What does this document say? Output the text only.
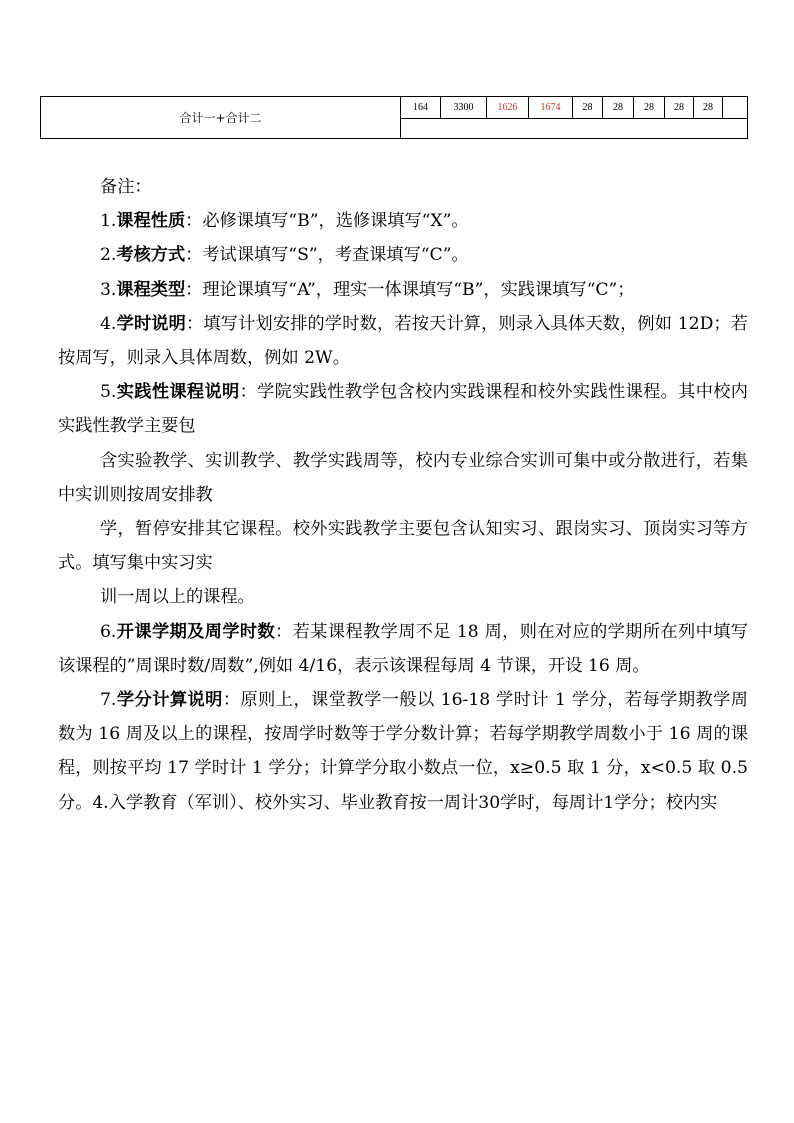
合计一+合计二
164	3300	1626	1674	28	28	28	28	28

备注：

1.课程性质：必修课填写“B”，选修课填写“X”。

2.考核方式：考试课填写“S”，考查课填写“C”。

3.课程类型：理论课填写“A”，理实一体课填写“B”，实践课填写“C”；

4.学时说明：填写计划安排的学时数，若按天计算，则录入具体天数，例如 12D；若按周写，则录入具体周数，例如 2W。

5.实践性课程说明：学院实践性教学包含校内实践课程和校外实践性课程。其中校内实践性教学主要包

含实验教学、实训教学、教学实践周等，校内专业综合实训可集中或分散进行，若集中实训则按周安排教

学，暂停安排其它课程。校外实践教学主要包含认知实习、跟岗实习、顶岗实习等方式。填写集中实习实

训一周以上的课程。

6.开课学期及周学时数：若某课程教学周不足 18 周，则在对应的学期所在列中填写该课程的”周课时数/周数”,例如 4/16，表示该课程每周 4 节课，开设 16 周。

7.学分计算说明：原则上，课堂教学一般以 16-18 学时计 1 学分，若每学期教学周数为 16 周及以上的课程，按周学时数等于学分数计算；若每学期教学周数小于 16 周的课程，则按平均 17 学时计 1 学分；计算学分取小数点一位，x≥0.5 取 1 分，x<0.5 取 0.5 分。4.入学教育（军训）、校外实习、毕业教育按一周计30学时，每周计1学分；校内实
